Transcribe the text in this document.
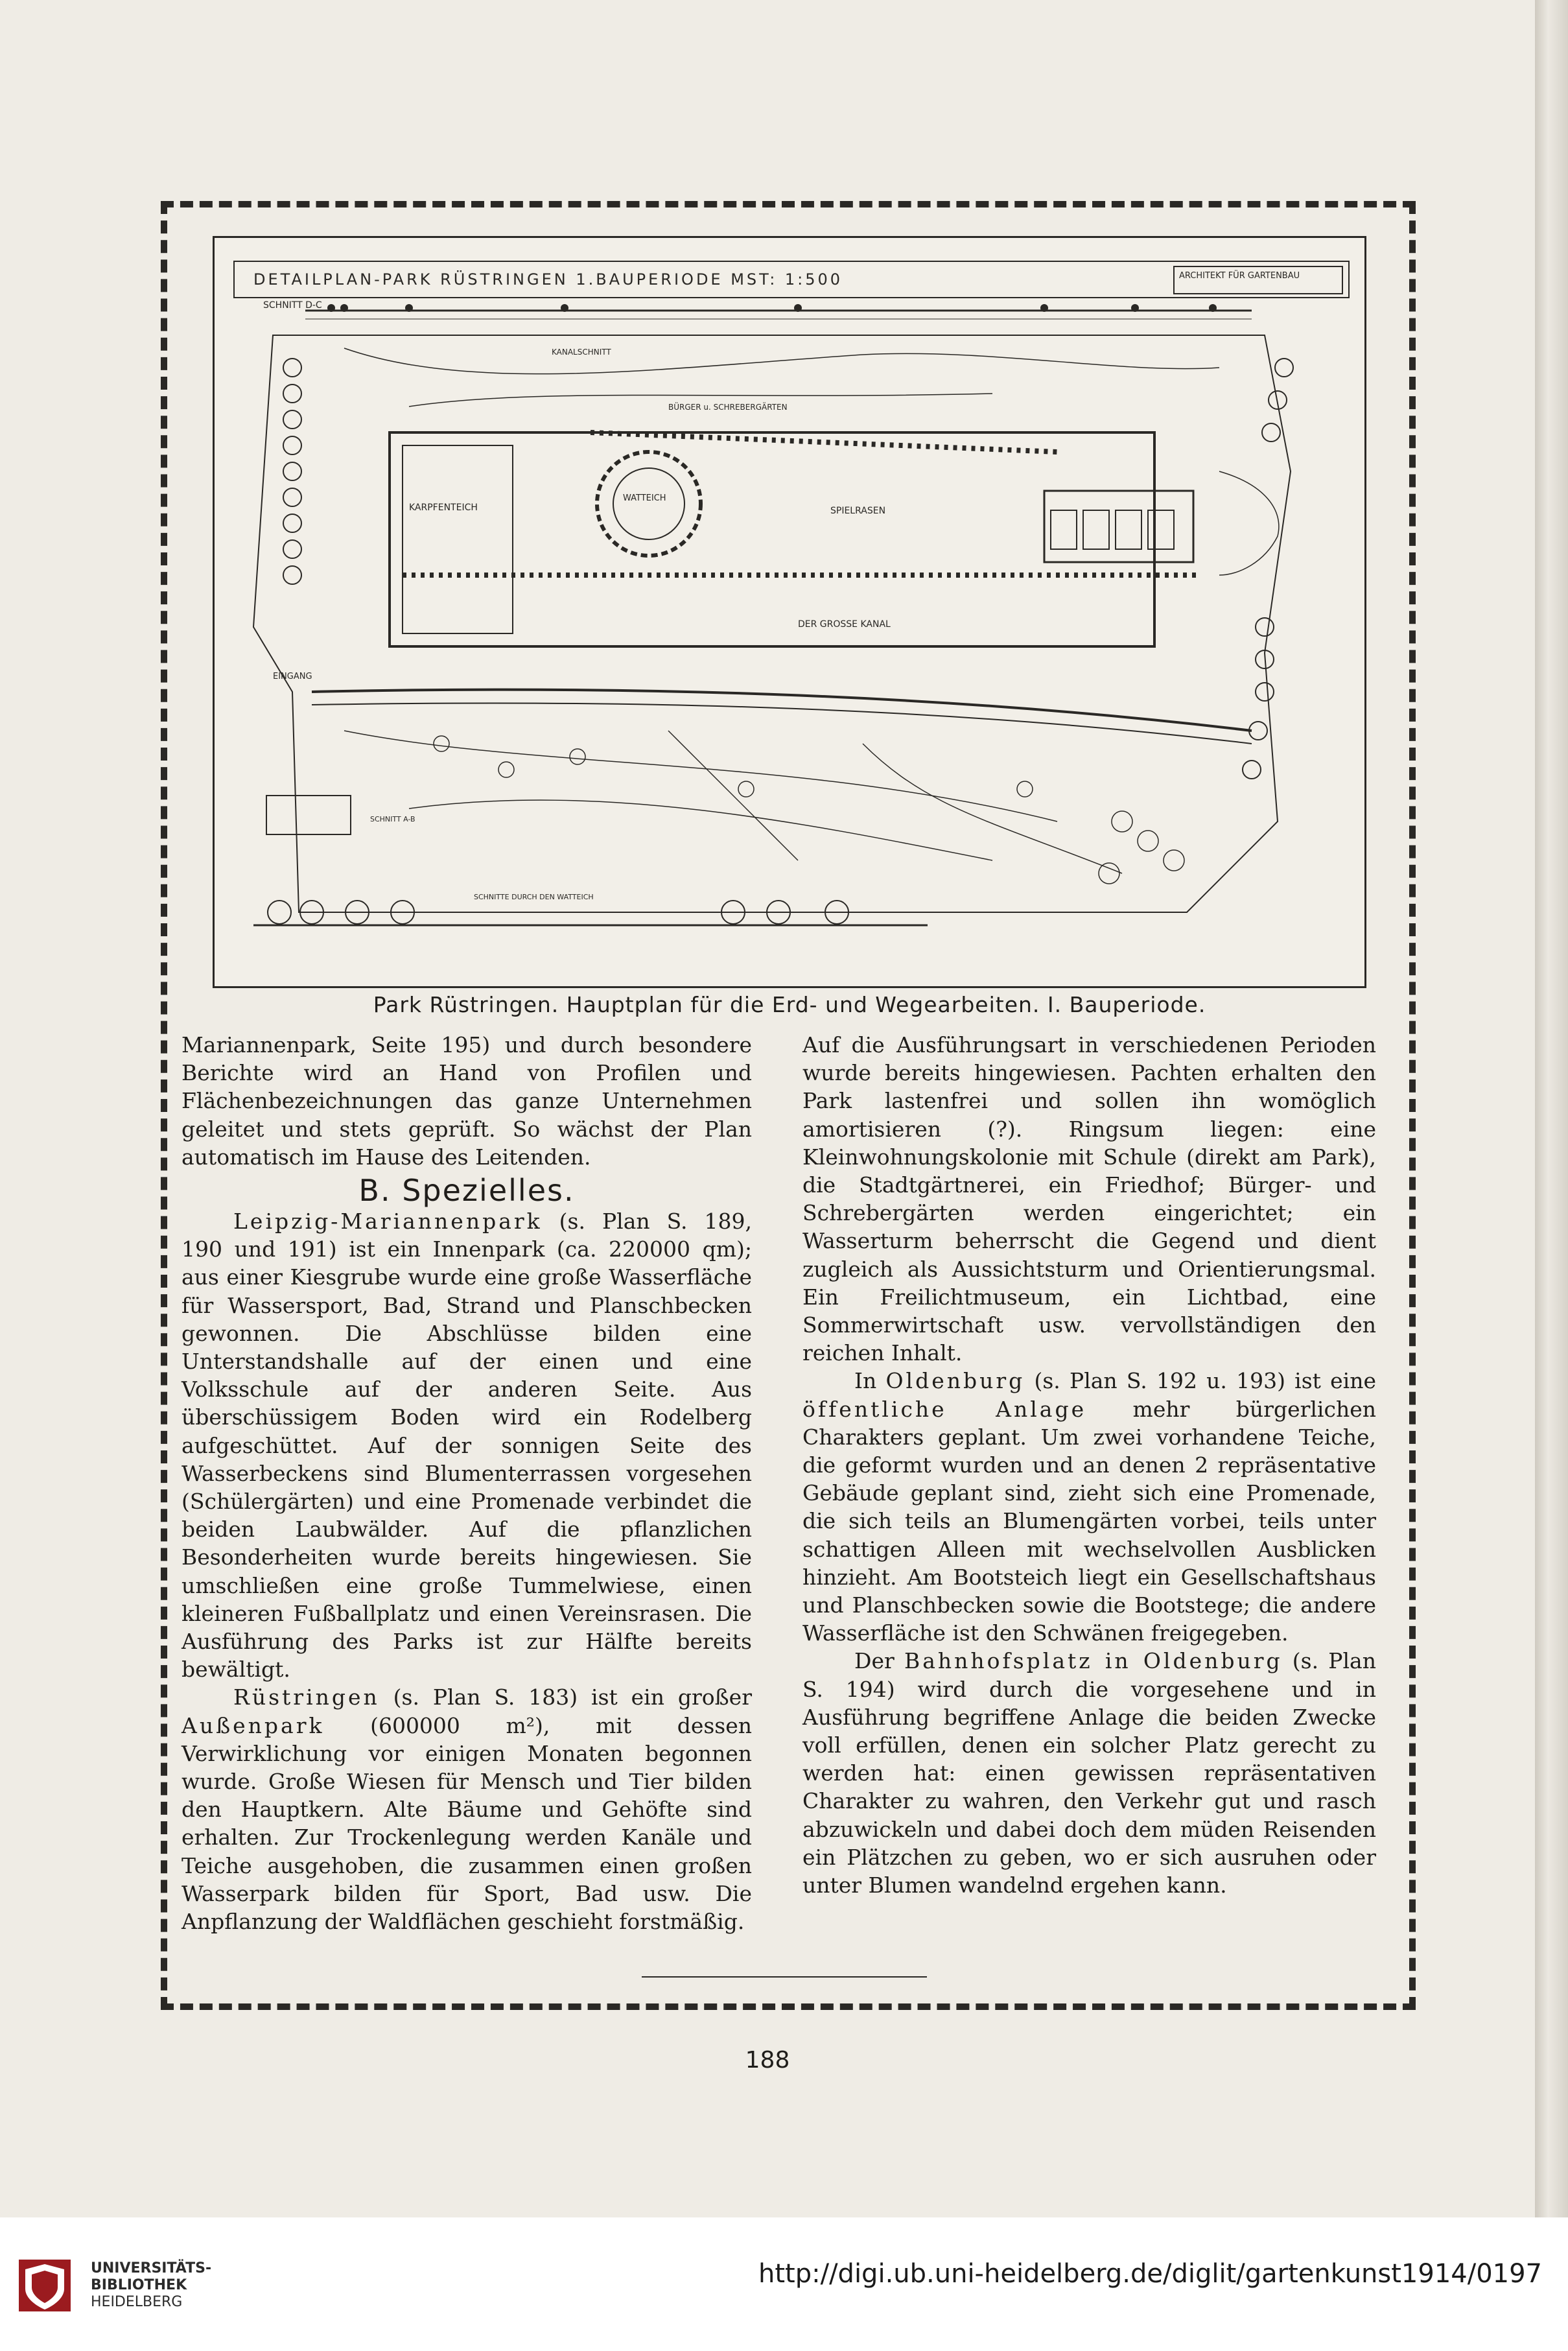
DETAILPLAN-PARK RÜSTRINGEN 1.BAUPERIODE MST: 1:500
SCHNITT D-C
ARCHITEKT FÜR GARTENBAU
KARPFENTEICH
WATTEICH
SPIELRASEN
DER GROSSE KANAL
KANALSCHNITT
BÜRGER u. SCHREBERGÄRTEN
EINGANG
SCHNITT A-B
SCHNITTE DURCH DEN WATTEICH
Park Rüstringen. Hauptplan für die Erd- und Wegearbeiten. I. Bauperiode.

Mariannenpark, Seite 195) und durch besondere Berichte wird an Hand von Profilen und Flächenbezeichnungen das ganze Unternehmen geleitet und stets geprüft. So wächst der Plan automatisch im Hause des Leitenden.

B. Spezielles.

Leipzig-Mariannenpark (s. Plan S. 189, 190 und 191) ist ein Innenpark (ca. 220000 qm); aus einer Kiesgrube wurde eine große Wasserfläche für Wassersport, Bad, Strand und Planschbecken gewonnen. Die Abschlüsse bilden eine Unterstandshalle auf der einen und eine Volksschule auf der anderen Seite. Aus überschüssigem Boden wird ein Rodelberg aufgeschüttet. Auf der sonnigen Seite des Wasserbeckens sind Blumenterrassen vorgesehen (Schülergärten) und eine Promenade verbindet die beiden Laubwälder. Auf die pflanzlichen Besonderheiten wurde bereits hingewiesen. Sie umschließen eine große Tummelwiese, einen kleineren Fußballplatz und einen Vereinsrasen. Die Ausführung des Parks ist zur Hälfte bereits bewältigt.

Rüstringen (s. Plan S. 183) ist ein großer Außenpark (600000 m²), mit dessen Verwirklichung vor einigen Monaten begonnen wurde. Große Wiesen für Mensch und Tier bilden den Hauptkern. Alte Bäume und Gehöfte sind erhalten. Zur Trockenlegung werden Kanäle und Teiche ausgehoben, die zusammen einen großen Wasserpark bilden für Sport, Bad usw. Die Anpflanzung der Waldflächen geschieht forstmäßig.

Auf die Ausführungsart in verschiedenen Perioden wurde bereits hingewiesen. Pachten erhalten den Park lastenfrei und sollen ihn womöglich amortisieren (?). Ringsum liegen: eine Kleinwohnungskolonie mit Schule (direkt am Park), die Stadtgärtnerei, ein Friedhof; Bürger- und Schrebergärten werden eingerichtet; ein Wasserturm beherrscht die Gegend und dient zugleich als Aussichtsturm und Orientierungsmal. Ein Freilichtmuseum, ein Lichtbad, eine Sommerwirtschaft usw. vervollständigen den reichen Inhalt.

In Oldenburg (s. Plan S. 192 u. 193) ist eine öffentliche Anlage mehr bürgerlichen Charakters geplant. Um zwei vorhandene Teiche, die geformt wurden und an denen 2 repräsentative Gebäude geplant sind, zieht sich eine Promenade, die sich teils an Blumengärten vorbei, teils unter schattigen Alleen mit wechselvollen Ausblicken hinzieht. Am Bootsteich liegt ein Gesellschaftshaus und Planschbecken sowie die Bootstege; die andere Wasserfläche ist den Schwänen freigegeben.

Der Bahnhofsplatz in Oldenburg (s. Plan S. 194) wird durch die vorgesehene und in Ausführung begriffene Anlage die beiden Zwecke voll erfüllen, denen ein solcher Platz gerecht zu werden hat: einen gewissen repräsentativen Charakter zu wahren, den Verkehr gut und rasch abzuwickeln und dabei doch dem müden Reisenden ein Plätzchen zu geben, wo er sich ausruhen oder unter Blumen wandelnd ergehen kann.

188
UNIVERSITÄTS-
BIBLIOTHEK
HEIDELBERG
http://digi.ub.uni-heidelberg.de/diglit/gartenkunst1914/0197
